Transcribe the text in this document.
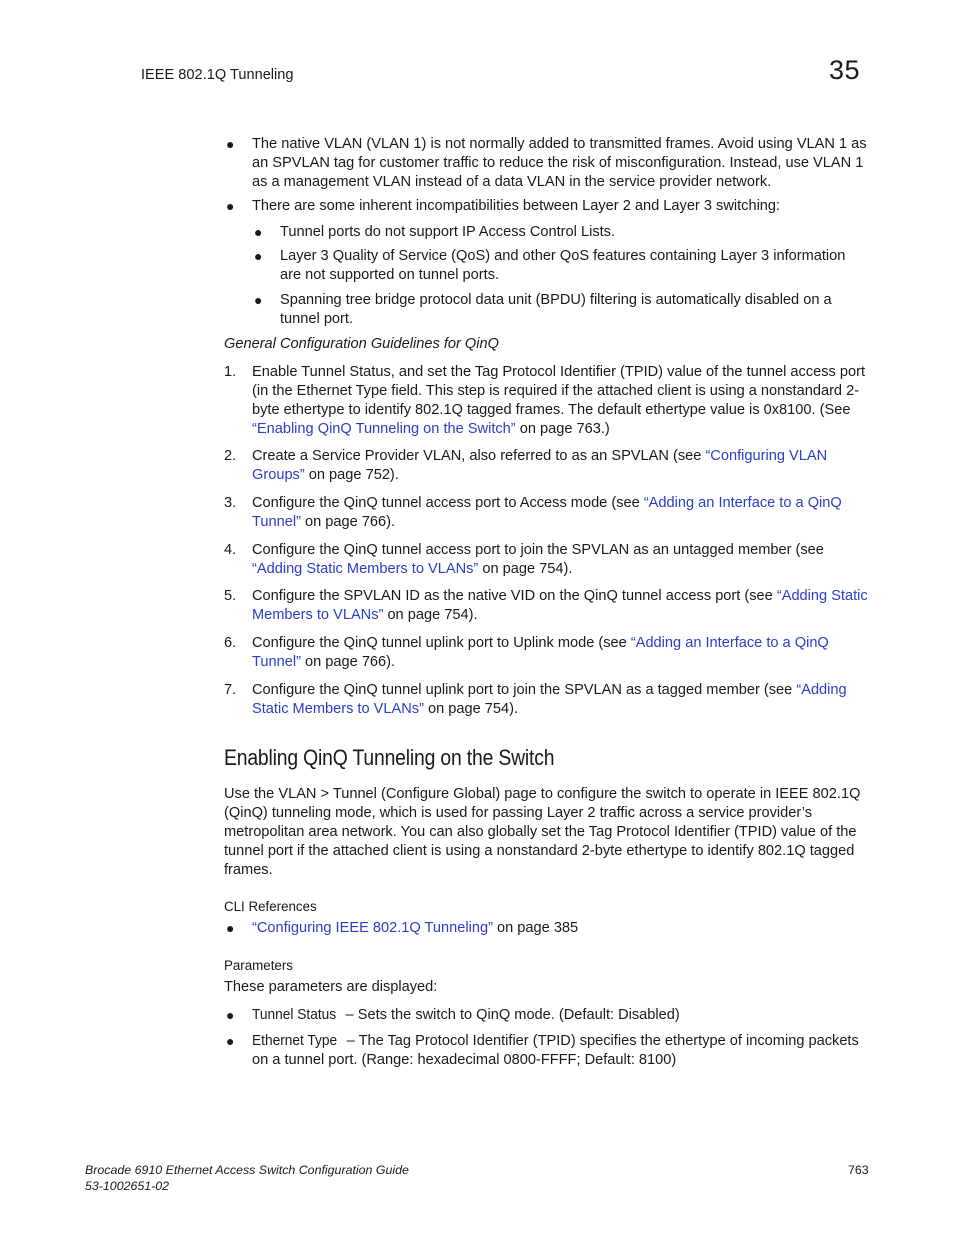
IEEE 802.1Q Tunneling	35
● The native VLAN (VLAN 1) is not normally added to transmitted frames. Avoid using VLAN 1 as an SPVLAN tag for customer traffic to reduce the risk of misconfiguration. Instead, use VLAN 1 as a management VLAN instead of a data VLAN in the service provider network.
● There are some inherent incompatibilities between Layer 2 and Layer 3 switching:
● Tunnel ports do not support IP Access Control Lists.
● Layer 3 Quality of Service (QoS) and other QoS features containing Layer 3 information are not supported on tunnel ports.
● Spanning tree bridge protocol data unit (BPDU) filtering is automatically disabled on a tunnel port.
General Configuration Guidelines for QinQ
1. Enable Tunnel Status, and set the Tag Protocol Identifier (TPID) value of the tunnel access port (in the Ethernet Type field. This step is required if the attached client is using a nonstandard 2-byte ethertype to identify 802.1Q tagged frames. The default ethertype value is 0x8100. (See “Enabling QinQ Tunneling on the Switch” on page 763.)
2. Create a Service Provider VLAN, also referred to as an SPVLAN (see “Configuring VLAN Groups” on page 752).
3. Configure the QinQ tunnel access port to Access mode (see “Adding an Interface to a QinQ Tunnel” on page 766).
4. Configure the QinQ tunnel access port to join the SPVLAN as an untagged member (see “Adding Static Members to VLANs” on page 754).
5. Configure the SPVLAN ID as the native VID on the QinQ tunnel access port (see “Adding Static Members to VLANs” on page 754).
6. Configure the QinQ tunnel uplink port to Uplink mode (see “Adding an Interface to a QinQ Tunnel” on page 766).
7. Configure the QinQ tunnel uplink port to join the SPVLAN as a tagged member (see “Adding Static Members to VLANs” on page 754).
Enabling QinQ Tunneling on the Switch
Use the VLAN > Tunnel (Configure Global) page to configure the switch to operate in IEEE 802.1Q (QinQ) tunneling mode, which is used for passing Layer 2 traffic across a service provider’s metropolitan area network. You can also globally set the Tag Protocol Identifier (TPID) value of the tunnel port if the attached client is using a nonstandard 2-byte ethertype to identify 802.1Q tagged frames.
CLI References
● “Configuring IEEE 802.1Q Tunneling” on page 385
Parameters
These parameters are displayed:
● Tunnel Status – Sets the switch to QinQ mode. (Default: Disabled)
● Ethernet Type – The Tag Protocol Identifier (TPID) specifies the ethertype of incoming packets on a tunnel port. (Range: hexadecimal 0800-FFFF; Default: 8100)
Brocade 6910 Ethernet Access Switch Configuration Guide
53-1002651-02
763
